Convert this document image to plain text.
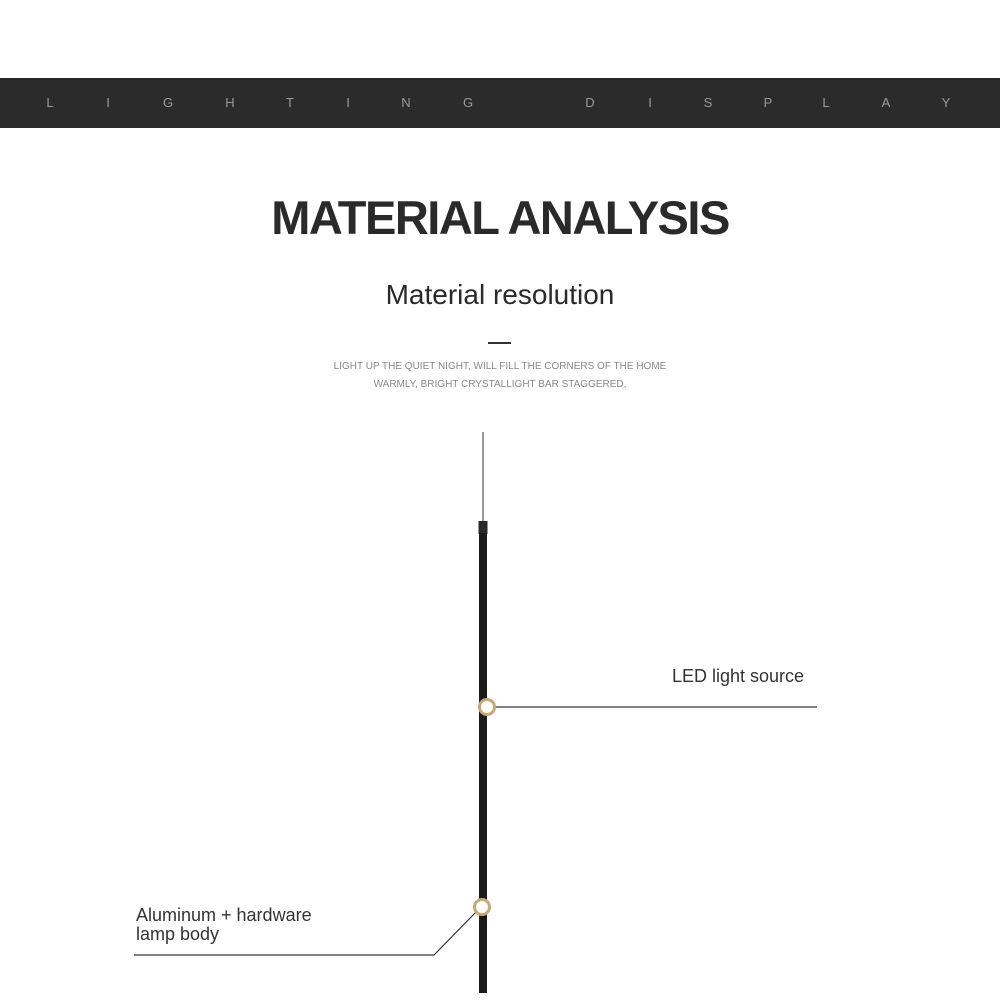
L	I	G	H	T	I	N	G	D	I	S	P	L	A	Y
MATERIAL ANALYSIS
Material resolution
LIGHT UP THE QUIET NIGHT, WILL FILL THE CORNERS OF THE HOME
WARMLY, BRIGHT CRYSTALLIGHT BAR STAGGERED,
LED light source
Aluminum + hardware
lamp body
